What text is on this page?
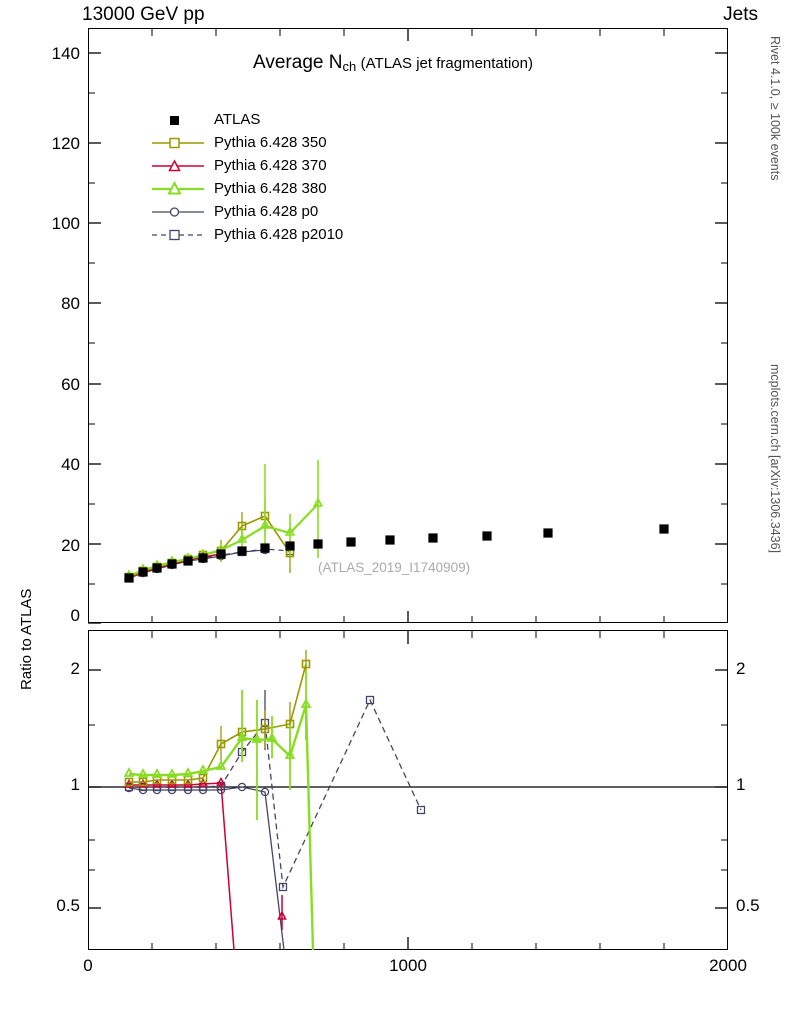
13000 GeV pp	Jets
Rivet 4.1.0, ≥ 100k events
mcplots.cern.ch [arXiv:1306.3436]
Average $N_{ch}$ (ATLAS jet fragmentation)
140
120
100
80
60
40
20
0
ATLAS
Pythia 6.428 350
Pythia 6.428 370
Pythia 6.428 380
Pythia 6.428 p0
Pythia 6.428 p2010
(ATLAS_2019_I1740909)
Ratio to ATLAS	2
1
0.5
2
1
0.5
0	1000	2000
